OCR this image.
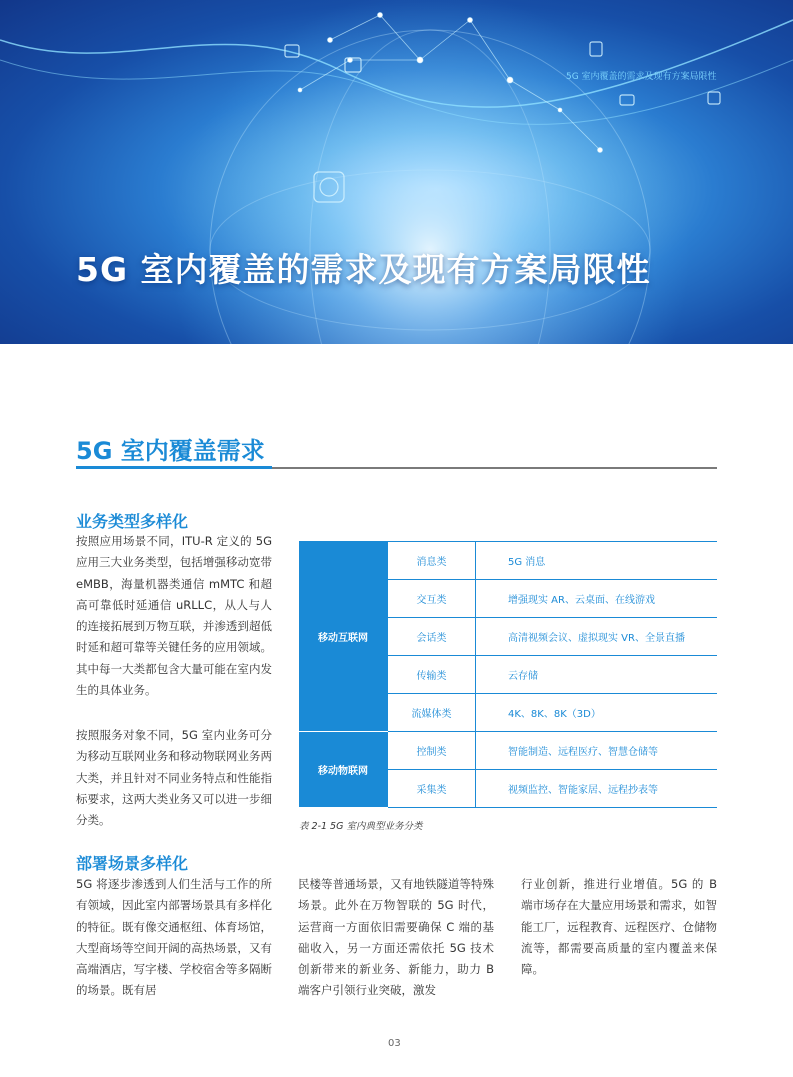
5G 室内覆盖的需求及现有方案局限性
5G 室内覆盖的需求及现有方案局限性
5G 室内覆盖需求
业务类型多样化
按照应用场景不同，ITU-R 定义的 5G 应用三大业务类型，包括增强移动宽带 eMBB，海量机器类通信 mMTC 和超高可靠低时延通信 uRLLC，从人与人的连接拓展到万物互联，并渗透到超低时延和超可靠等关键任务的应用领域。其中每一大类都包含大量可能在室内发生的具体业务。
按照服务对象不同，5G 室内业务可分为移动互联网业务和移动物联网业务两大类，并且针对不同业务特点和性能指标要求，这两大类业务又可以进一步细分类。
移动互联网	消息类	5G 消息
	交互类	增强现实 AR、云桌面、在线游戏
	会话类	高清视频会议、虚拟现实 VR、全景直播
	传输类	云存储
	流媒体类	4K、8K、8K（3D）
移动物联网	控制类	智能制造、远程医疗、智慧仓储等
	采集类	视频监控、智能家居、远程抄表等
表 2-1 5G 室内典型业务分类
部署场景多样化
5G 将逐步渗透到人们生活与工作的所有领域，因此室内部署场景具有多样化的特征。既有像交通枢纽、体育场馆，大型商场等空间开阔的高热场景，又有高端酒店，写字楼、学校宿舍等多隔断的场景。既有居
民楼等普通场景，又有地铁隧道等特殊场景。此外在万物智联的 5G 时代，运营商一方面依旧需要确保 C 端的基础收入，另一方面还需依托 5G 技术创新带来的新业务、新能力，助力 B 端客户引领行业突破，激发
行业创新，推进行业增值。5G 的 B 端市场存在大量应用场景和需求，如智能工厂，远程教育、远程医疗、仓储物流等，都需要高质量的室内覆盖来保障。
03
